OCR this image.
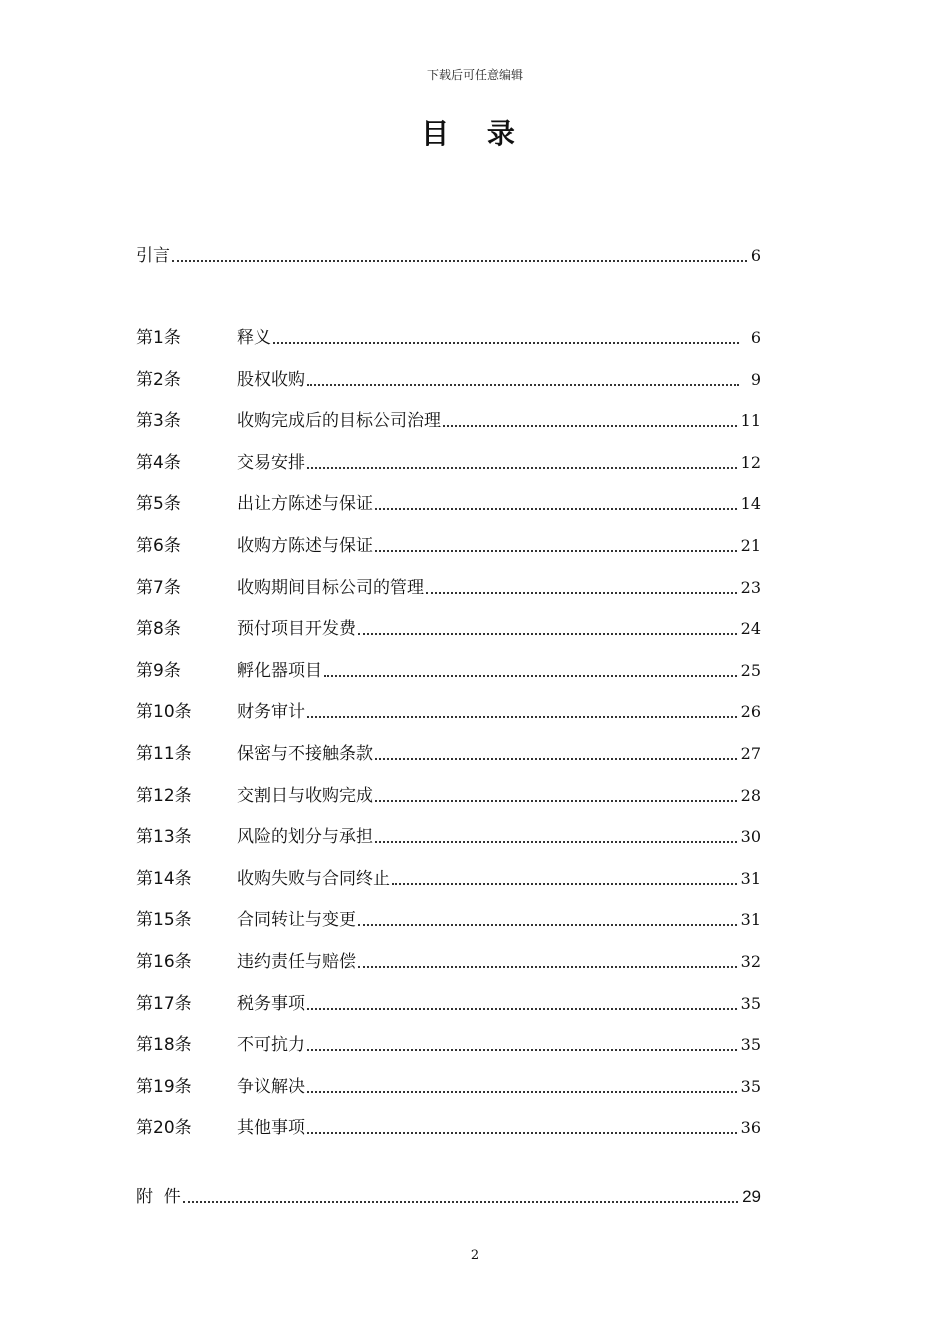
下载后可任意编辑
目 录
引言	6
第1条	释义	6
第2条	股权收购	9
第3条	收购完成后的目标公司治理	11
第4条	交易安排	12
第5条	出让方陈述与保证	14
第6条	收购方陈述与保证	21
第7条	收购期间目标公司的管理	23
第8条	预付项目开发费	24
第9条	孵化器项目	25
第10条	财务审计	26
第11条	保密与不接触条款	27
第12条	交割日与收购完成	28
第13条	风险的划分与承担	30
第14条	收购失败与合同终止	31
第15条	合同转让与变更	31
第16条	违约责任与赔偿	32
第17条	税务事项	35
第18条	不可抗力	35
第19条	争议解决	35
第20条	其他事项	36
附  件	29
2
